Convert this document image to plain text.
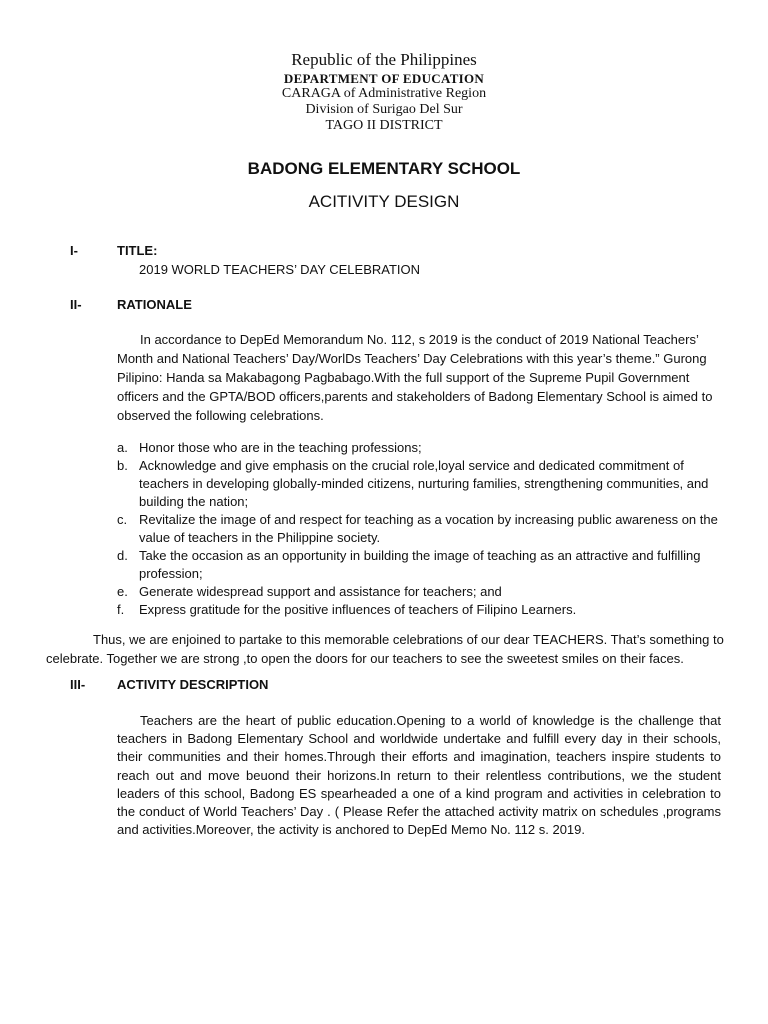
Republic of the Philippines

DEPARTMENT OF EDUCATION

CARAGA of Administrative Region

Division of Surigao Del Sur

TAGO II DISTRICT

BADONG ELEMENTARY SCHOOL

ACITIVITY DESIGN

I-	TITLE:
2019 WORLD TEACHERS’ DAY CELEBRATION
II-	RATIONALE

In accordance to DepEd Memorandum No. 112, s 2019 is the conduct of 2019 National Teachers’ Month and National Teachers’ Day/WorlDs Teachers’ Day Celebrations with this year’s theme.” Gurong Pilipino: Handa sa Makabagong Pagbabago.With the full support of the Supreme Pupil Government officers and the GPTA/BOD officers,parents and stakeholders of Badong Elementary School is aimed to observed the following celebrations.

a. Honor those who are in the teaching professions;
b. Acknowledge and give emphasis on the crucial role,loyal service and dedicated commitment of teachers in developing globally-minded citizens, nurturing families, strengthening communities, and building the nation;
c. Revitalize the image of and respect for teaching as a vocation by increasing public awareness on the value of teachers in the Philippine society.
d. Take the occasion as an opportunity in building the image of teaching as an attractive and fulfilling profession;
e. Generate widespread support and assistance for teachers; and
f. Express gratitude for the positive influences of teachers of Filipino Learners.

Thus, we are enjoined to partake to this memorable celebrations of our dear TEACHERS. That’s something to celebrate. Together we are strong ,to open the doors for our teachers to see the sweetest smiles on their faces.

III- ACTIVITY DESCRIPTION

Teachers are the heart of public education.Opening to a world of knowledge is the challenge that teachers in Badong Elementary School and worldwide undertake and fulfill every day in their schools, their communities and their homes.Through their efforts and imagination, teachers inspire students to reach out and move beuond their horizons.In return to their relentless contributions, we the student leaders of this school, Badong ES spearheaded a one of a kind program and activities in celebration to the conduct of World Teachers’ Day . ( Please Refer the attached activity matrix on schedules ,programs and activities.Moreover, the activity is anchored to DepEd Memo No. 112 s. 2019.
